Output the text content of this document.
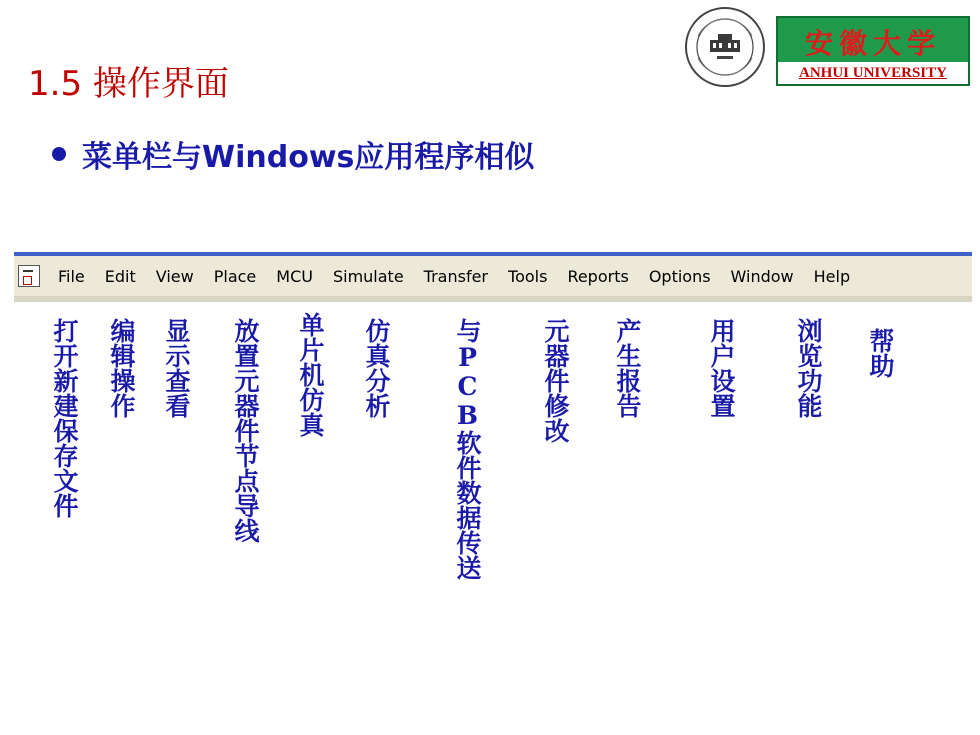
1.5 操作界面
菜单栏与Windows应用程序相似
安徽大学
ANHUI UNIVERSITY
File	Edit	View	Place	MCU	Simulate	Transfer	Tools	Reports	Options	Window	Help
打开新建保存文件 编辑操作 显示查看 放置元器件节点导线 单片机仿真 仿真分析 与PCB软件数据传送 元器件修改 产生报告	用户设置 浏览功能 帮助
